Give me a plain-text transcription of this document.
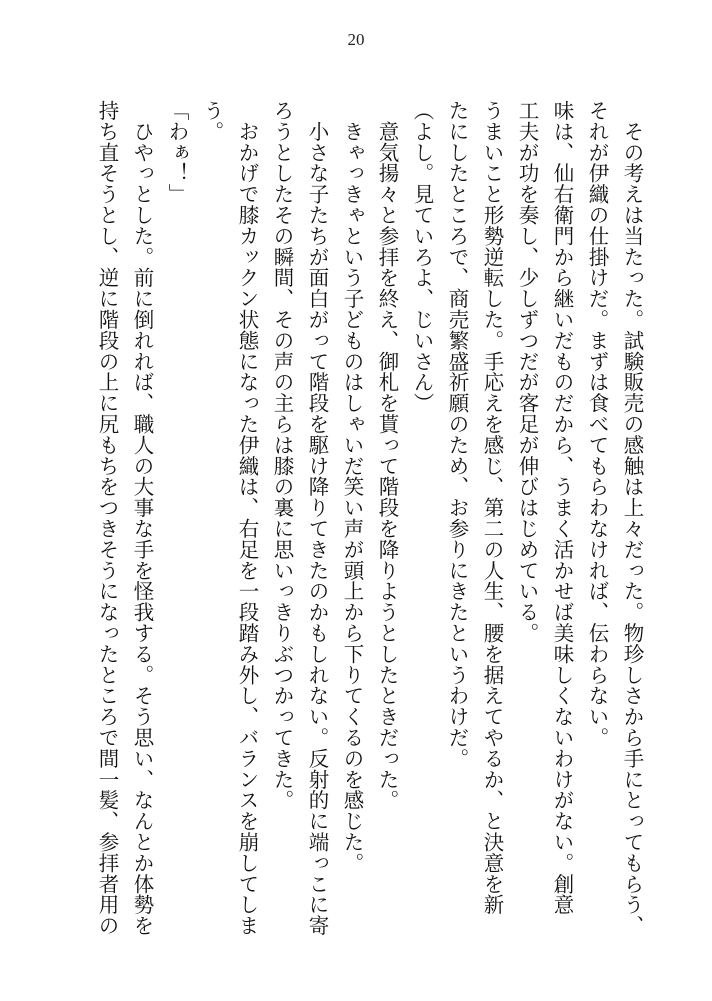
20

　その考えは当たった。試験販売の感触は上々だった。物珍しさから手にとってもらう、

それが伊織の仕掛けだ。まずは食べてもらわなければ、伝わらない。

味は、仙右衛門から継いだものだから、うまく活かせば美味しくないわけがない。創意

工夫が功を奏し、少しずつだが客足が伸びはじめている。

うまいこと形勢逆転した。手応えを感じ、第二の人生、腰を据えてやるか、と決意を新

たにしたところで、商売繁盛祈願のため、お参りにきたというわけだ。

（よし。見ていろよ、じいさん）

　意気揚々と参拝を終え、御札を貰って階段を降りようとしたときだった。

　きゃっきゃという子どものはしゃいだ笑い声が頭上から下りてくるのを感じた。

　小さな子たちが面白がって階段を駆け降りてきたのかもしれない。反射的に端っこに寄

ろうとしたその瞬間、その声の主らは膝の裏に思いっきりぶつかってきた。

　おかげで膝カックン状態になった伊織は、右足を一段踏み外し、バランスを崩してしま

う。

「わぁ！」

　ひやっとした。前に倒れれば、職人の大事な手を怪我する。そう思い、なんとか体勢を

持ち直そうとし、逆に階段の上に尻もちをつきそうになったところで間一髪、参拝者用の
